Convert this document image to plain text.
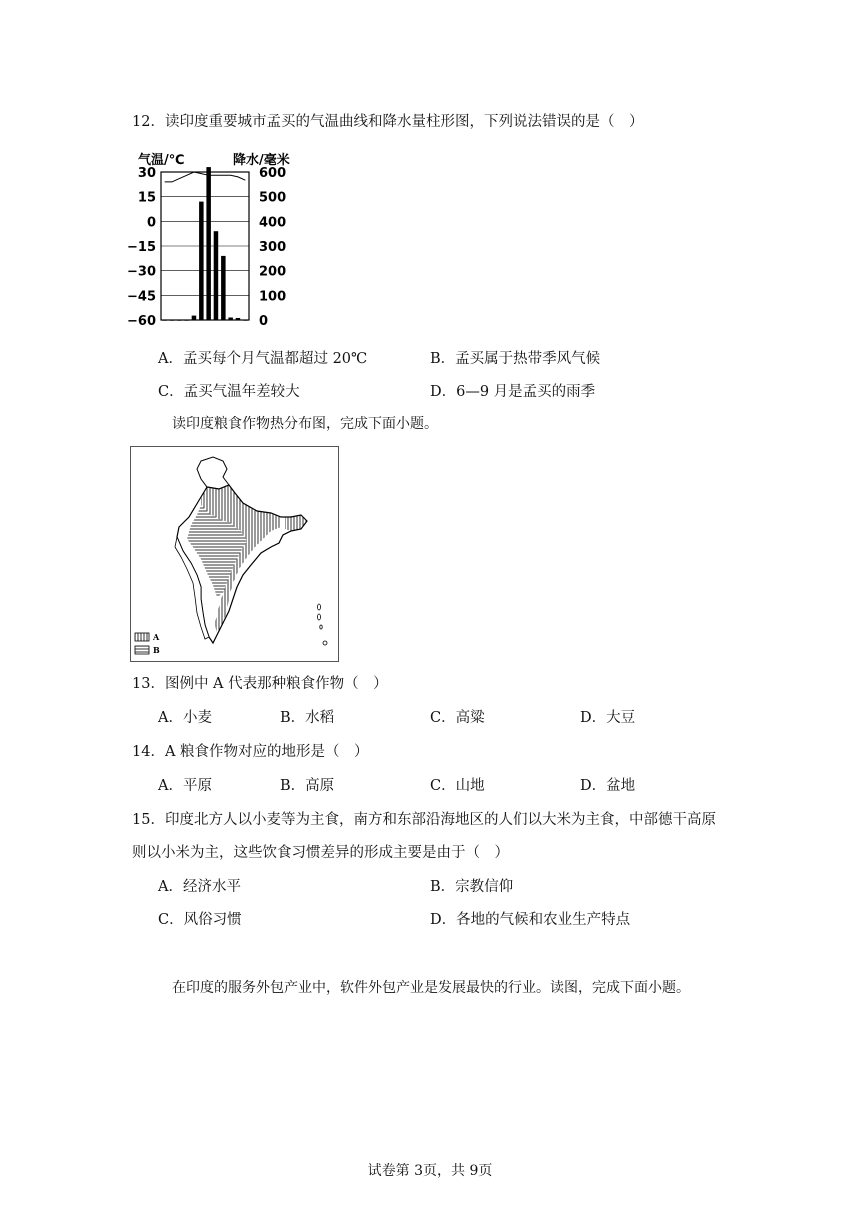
12．读印度重要城市孟买的气温曲线和降水量柱形图，下列说法错误的是（　）
气温/℃	降水/毫米
30
15
0
−15
−30
−45
−60
600
500
400
300
200
100
0
A．孟买每个月气温都超过 20℃	B．孟买属于热带季风气候
C．孟买气温年差较大	D．6—9 月是孟买的雨季
读印度粮食作物热分布图，完成下面小题。
A
B
13．图例中 A 代表那种粮食作物（　）
A．小麦	B．水稻	C．高粱	D．大豆
14．A 粮食作物对应的地形是（　）
A．平原	B．高原	C．山地	D．盆地
15．印度北方人以小麦等为主食，南方和东部沿海地区的人们以大米为主食，中部德干高原
则以小米为主，这些饮食习惯差异的形成主要是由于（　）
A．经济水平	B．宗教信仰
C．风俗习惯	D．各地的气候和农业生产特点
在印度的服务外包产业中，软件外包产业是发展最快的行业。读图，完成下面小题。
试卷第 3页，共 9页
